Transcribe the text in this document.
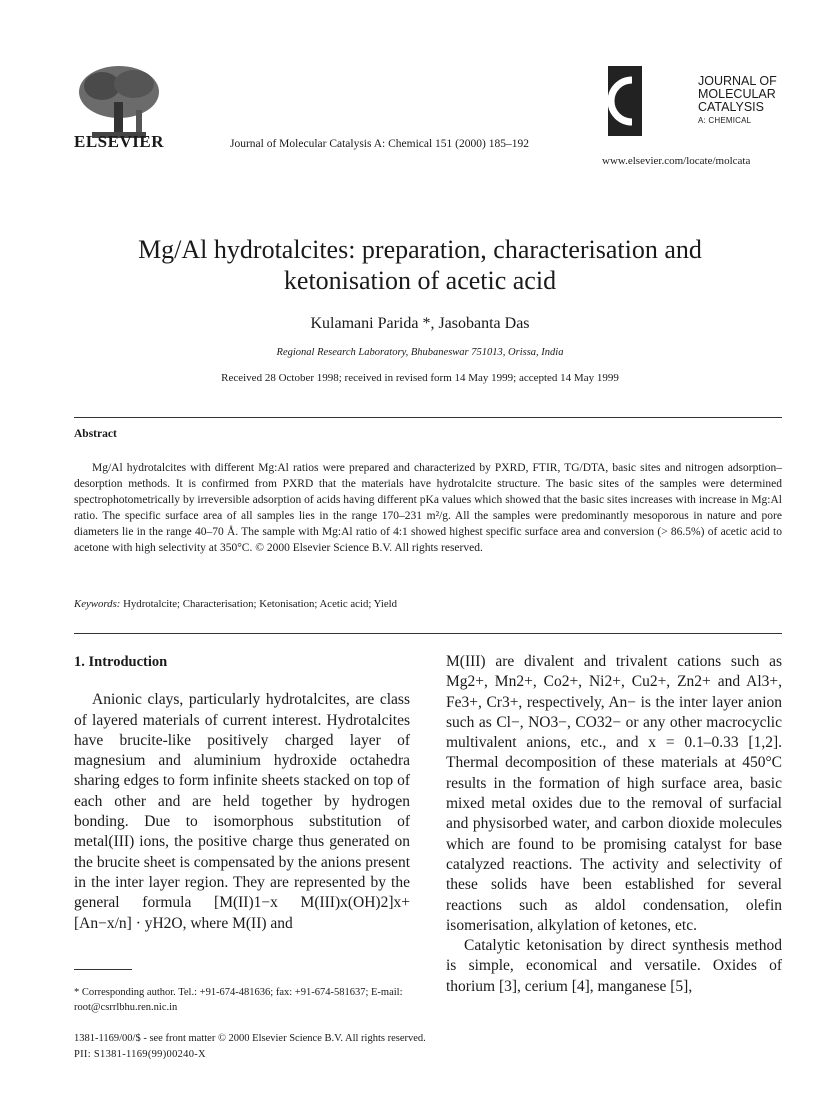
ELSEVIER	Journal of Molecular Catalysis A: Chemical 151 (2000) 185–192
JOURNAL OF
MOLECULAR
CATALYSIS
A: CHEMICAL
www.elsevier.com/locate/molcata
Mg/Al hydrotalcites: preparation, characterisation and
ketonisation of acetic acid
Kulamani Parida *, Jasobanta Das
Regional Research Laboratory, Bhubaneswar 751013, Orissa, India
Received 28 October 1998; received in revised form 14 May 1999; accepted 14 May 1999
Abstract

Mg/Al hydrotalcites with different Mg:Al ratios were prepared and characterized by PXRD, FTIR, TG/DTA, basic sites and nitrogen adsorption–desorption methods. It is confirmed from PXRD that the materials have hydrotalcite structure. The basic sites of the samples were determined spectrophotometrically by irreversible adsorption of acids having different pKa values which showed that the basic sites increases with increase in Mg:Al ratio. The specific surface area of all samples lies in the range 170–231 m²/g. All the samples were predominantly mesoporous in nature and pore diameters lie in the range 40–70 Å. The sample with Mg:Al ratio of 4:1 showed highest specific surface area and conversion (> 86.5%) of acetic acid to acetone with high selectivity at 350°C. © 2000 Elsevier Science B.V. All rights reserved.

Keywords: Hydrotalcite; Characterisation; Ketonisation; Acetic acid; Yield
1. Introduction

Anionic clays, particularly hydrotalcites, are class of layered materials of current interest. Hydrotalcites have brucite-like positively charged layer of magnesium and aluminium hydroxide octahedra sharing edges to form infinite sheets stacked on top of each other and are held together by hydrogen bonding. Due to isomorphous substitution of metal(III) ions, the positive charge thus generated on the brucite sheet is compensated by the anions present in the inter layer region. They are represented by the general formula [M(II)1−x M(III)x(OH)2]x+[An−x/n] · yH2O, where M(II) and

M(III) are divalent and trivalent cations such as Mg2+, Mn2+, Co2+, Ni2+, Cu2+, Zn2+ and Al3+, Fe3+, Cr3+, respectively, An− is the inter layer anion such as Cl−, NO3−, CO32− or any other macrocyclic multivalent anions, etc., and x = 0.1–0.33 [1,2]. Thermal decomposition of these materials at 450°C results in the formation of high surface area, basic mixed metal oxides due to the removal of surfacial and physisorbed water, and carbon dioxide molecules which are found to be promising catalyst for base catalyzed reactions. The activity and selectivity of these solids have been established for several reactions such as aldol condensation, olefin isomerisation, alkylation of ketones, etc.

Catalytic ketonisation by direct synthesis method is simple, economical and versatile. Oxides of thorium [3], cerium [4], manganese [5],

* Corresponding author. Tel.: +91-674-481636; fax: +91-674-581637; E-mail: root@csrrlbhu.ren.nic.in
1381-1169/00/$ - see front matter © 2000 Elsevier Science B.V. All rights reserved.
PII: S1381-1169(99)00240-X
